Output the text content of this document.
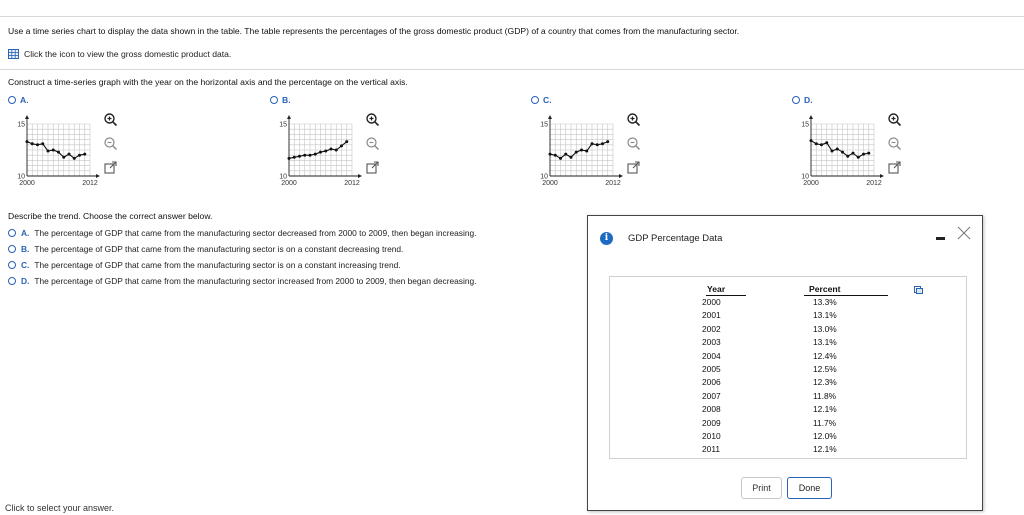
Use a time series chart to display the data shown in the table. The table represents the percentages of the gross domestic product (GDP) of a country that comes from the manufacturing sector.
Click the icon to view the gross domestic product data.
Construct a time-series graph with the year on the horizontal axis and the percentage on the vertical axis.
A.
15
10
2000	2012
B.
15
10
2000	2012
C.
15
10
2000	2012
D.
15
10
2000	2012
Describe the trend. Choose the correct answer below.
A. The percentage of GDP that came from the manufacturing sector decreased from 2000 to 2009, then began increasing.
B. The percentage of GDP that came from the manufacturing sector is on a constant decreasing trend.
C. The percentage of GDP that came from the manufacturing sector is on a constant increasing trend.
D. The percentage of GDP that came from the manufacturing sector increased from 2000 to 2009, then began decreasing.
Click to select your answer.
i	GDP Percentage Data
Year	Percent
2000	13.3%
2001	13.1%
2002	13.0%
2003	13.1%
2004	12.4%
2005	12.5%
2006	12.3%
2007	11.8%
2008	12.1%
2009	11.7%
2010	12.0%
2011	12.1%
Print	Done
